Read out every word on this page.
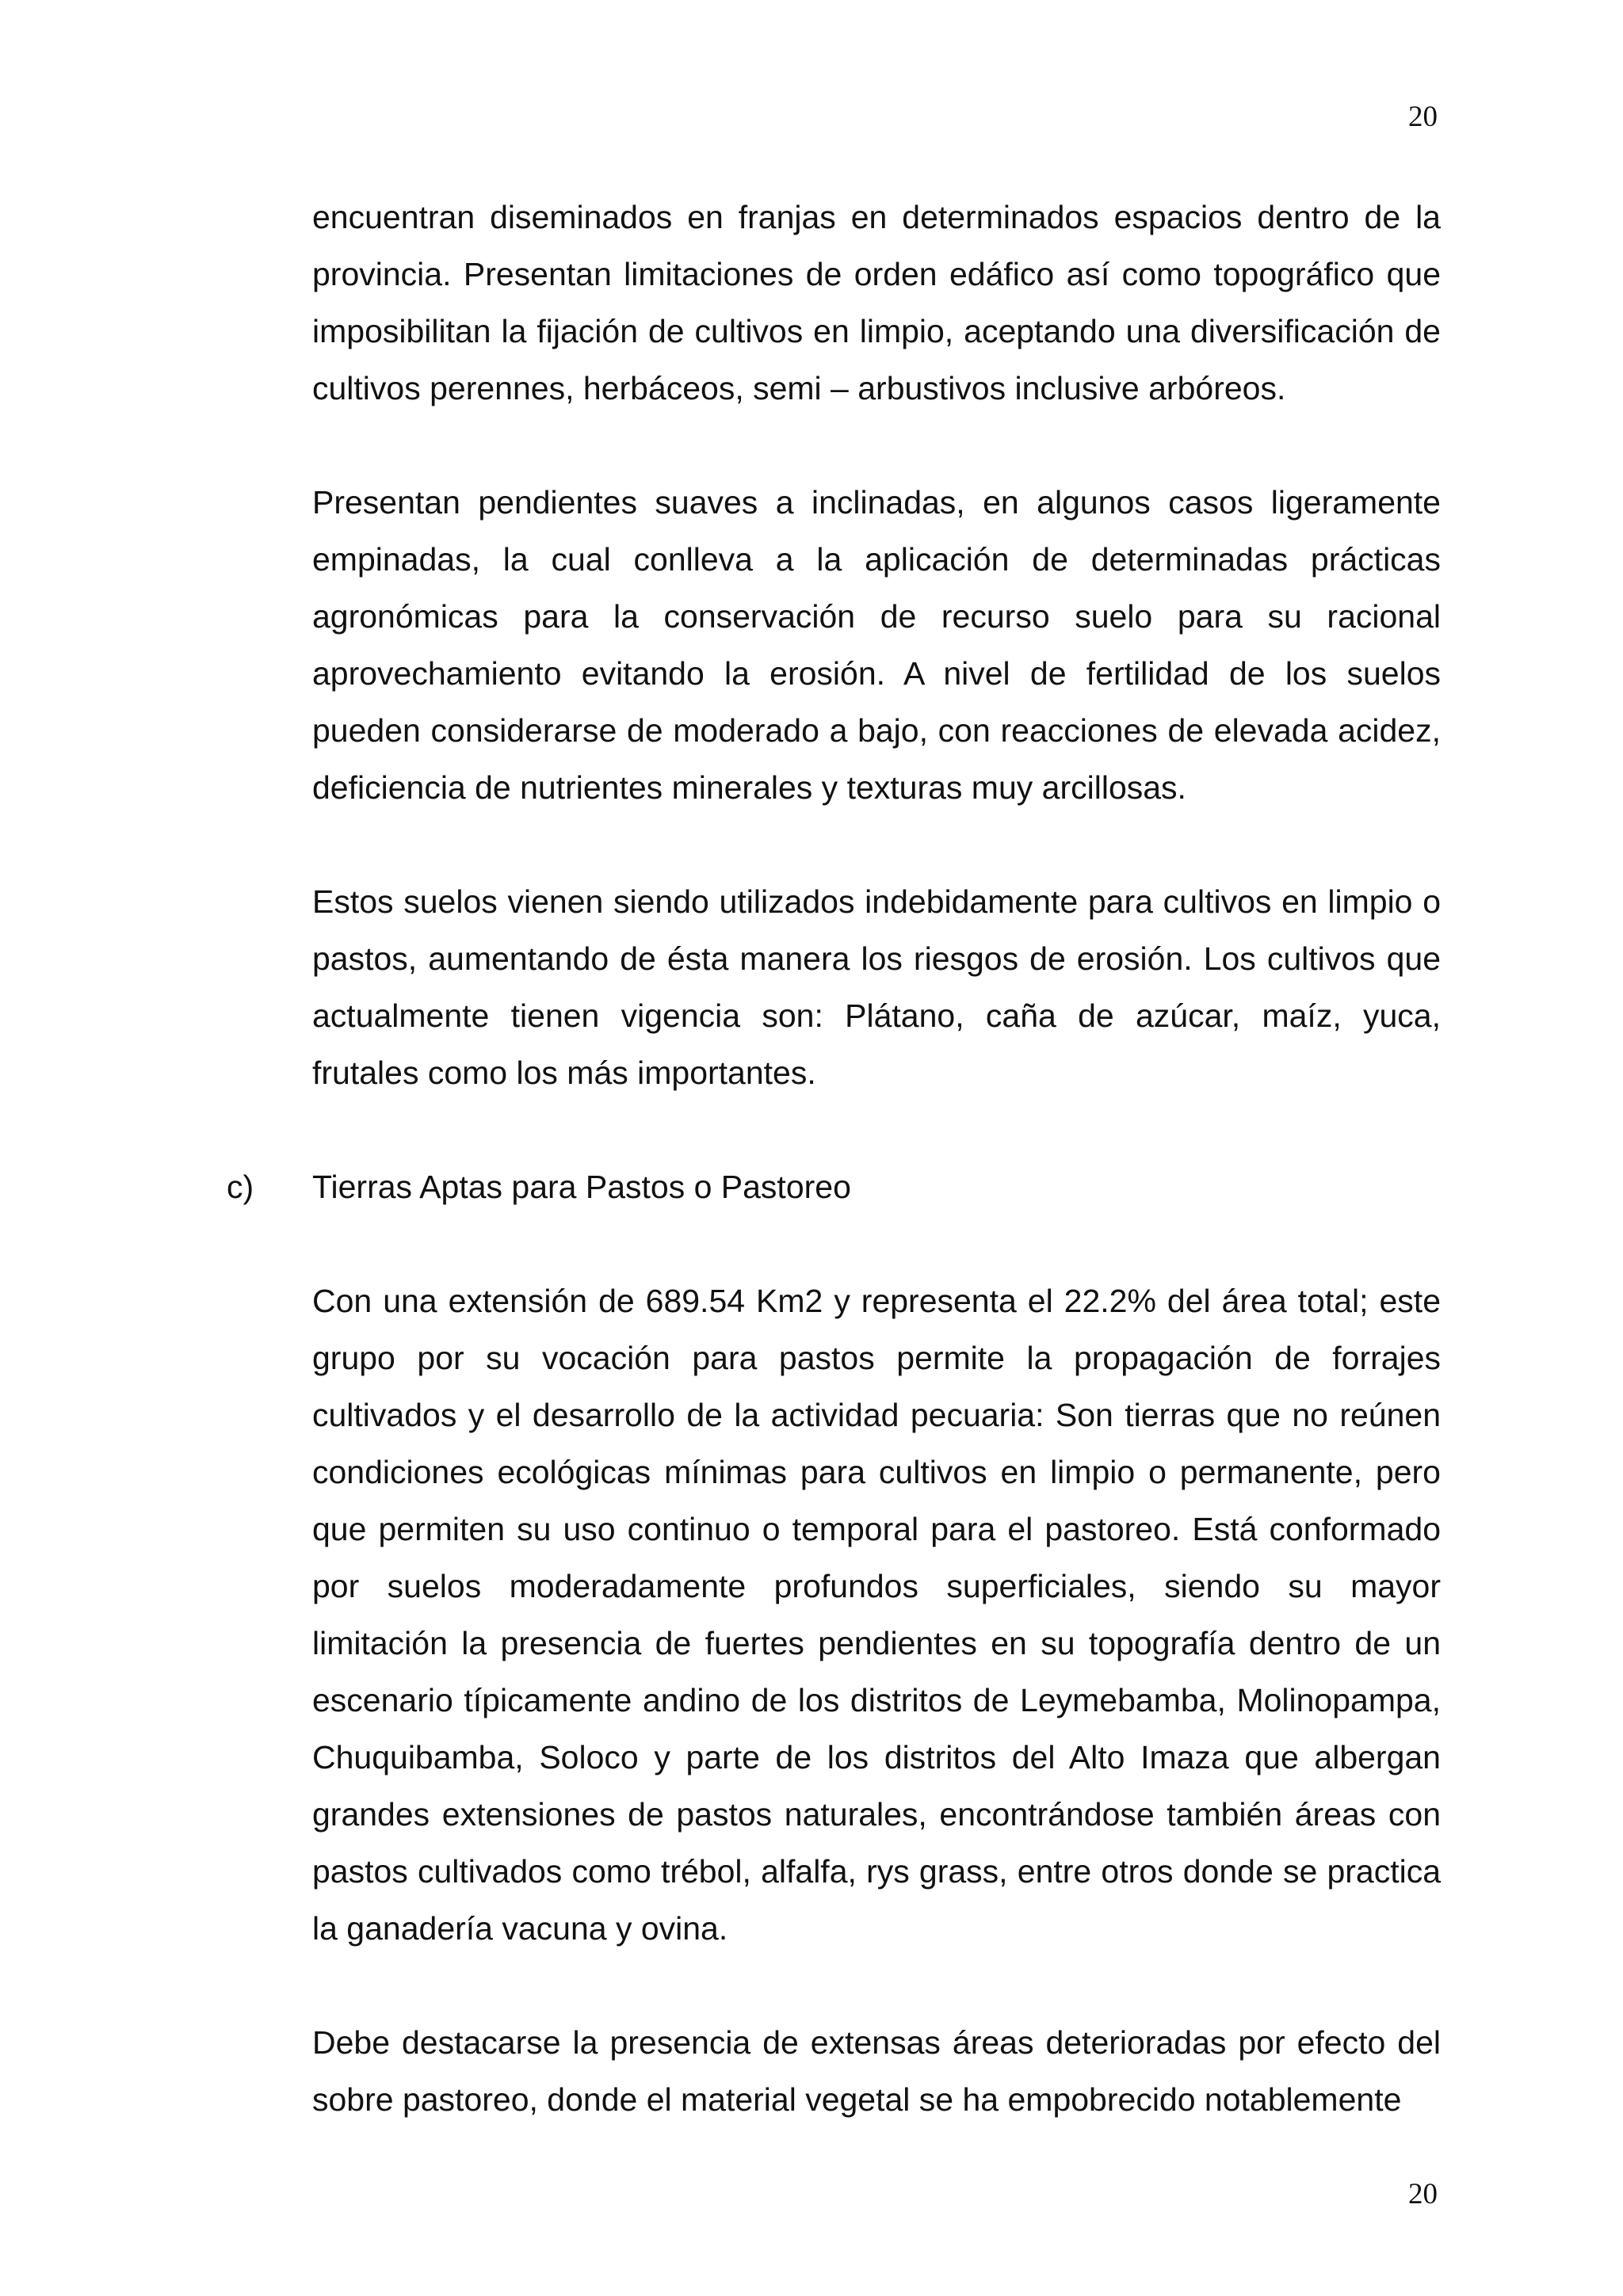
20

encuentran diseminados en franjas en determinados espacios dentro de la provincia. Presentan limitaciones de orden edáfico así como topográfico que imposibilitan la fijación de cultivos en limpio, aceptando una diversificación de cultivos perennes, herbáceos, semi – arbustivos inclusive arbóreos.

Presentan pendientes suaves a inclinadas, en algunos casos ligeramente empinadas, la cual conlleva a la aplicación de determinadas prácticas agronómicas para la conservación de recurso suelo para su racional aprovechamiento evitando la erosión. A nivel de fertilidad de los suelos pueden considerarse de moderado a bajo, con reacciones de elevada acidez, deficiencia de nutrientes minerales y texturas muy arcillosas.

Estos suelos vienen siendo utilizados indebidamente para cultivos en limpio o pastos, aumentando de ésta manera los riesgos de erosión. Los cultivos que actualmente tienen vigencia son: Plátano, caña de azúcar, maíz, yuca, frutales como los más importantes.

c) Tierras Aptas para Pastos o Pastoreo

Con una extensión de 689.54 Km2 y representa el 22.2% del área total; este grupo por su vocación para pastos permite la propagación de forrajes cultivados y el desarrollo de la actividad pecuaria: Son tierras que no reúnen condiciones ecológicas mínimas para cultivos en limpio o permanente, pero que permiten su uso continuo o temporal para el pastoreo. Está conformado por suelos moderadamente profundos superficiales, siendo su mayor limitación la presencia de fuertes pendientes en su topografía dentro de un escenario típicamente andino de los distritos de Leymebamba, Molinopampa, Chuquibamba, Soloco y parte de los distritos del Alto Imaza que albergan grandes extensiones de pastos naturales, encontrándose también áreas con pastos cultivados como trébol, alfalfa, rys grass, entre otros donde se practica la ganadería vacuna y ovina.

Debe destacarse la presencia de extensas áreas deterioradas por efecto del sobre pastoreo, donde el material vegetal se ha empobrecido notablemente

20
